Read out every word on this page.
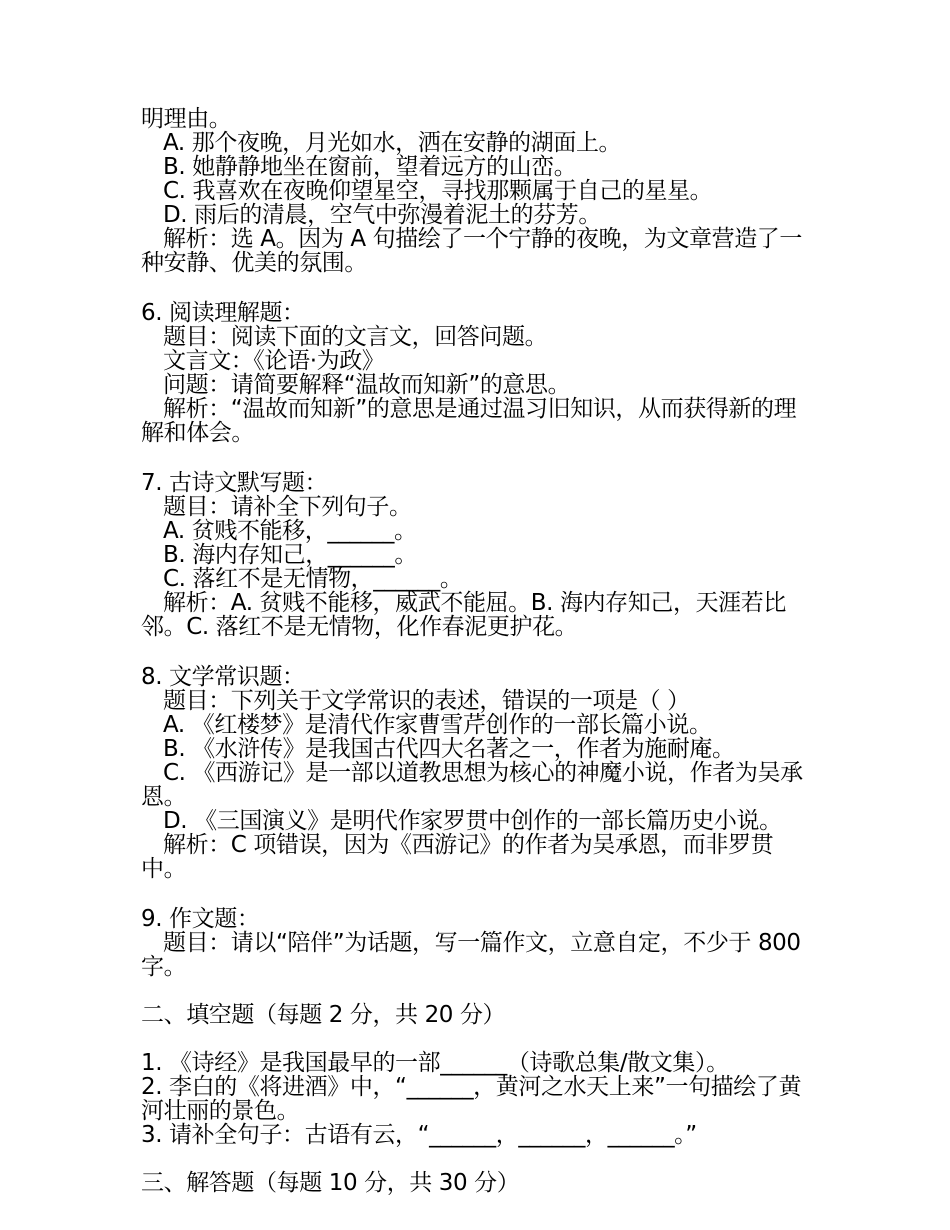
明理由。
A. 那个夜晚，月光如水，洒在安静的湖面上。
B. 她静静地坐在窗前，望着远方的山峦。
C. 我喜欢在夜晚仰望星空，寻找那颗属于自己的星星。
D. 雨后的清晨，空气中弥漫着泥土的芬芳。
解析：选 A。因为 A 句描绘了一个宁静的夜晚，为文章营造了一种安静、优美的氛围。
6. 阅读理解题：
题目：阅读下面的文言文，回答问题。
文言文：《论语·为政》
问题：请简要解释“温故而知新”的意思。
解析：“温故而知新”的意思是通过温习旧知识，从而获得新的理解和体会。
7. 古诗文默写题：
题目：请补全下列句子。
A. 贫贱不能移，______。
B. 海内存知己，______。
C. 落红不是无情物，______。
解析：A. 贫贱不能移，威武不能屈。B. 海内存知己，天涯若比邻。C. 落红不是无情物，化作春泥更护花。
8. 文学常识题：
题目：下列关于文学常识的表述，错误的一项是（ ）
A. 《红楼梦》是清代作家曹雪芹创作的一部长篇小说。
B. 《水浒传》是我国古代四大名著之一，作者为施耐庵。
C. 《西游记》是一部以道教思想为核心的神魔小说，作者为吴承恩。
D. 《三国演义》是明代作家罗贯中创作的一部长篇历史小说。
解析：C 项错误，因为《西游记》的作者为吴承恩，而非罗贯中。
9. 作文题：
题目：请以“陪伴”为话题，写一篇作文，立意自定，不少于 800 字。
二、填空题（每题 2 分，共 20 分）
1. 《诗经》是我国最早的一部______（诗歌总集/散文集）。
2. 李白的《将进酒》中，“______，黄河之水天上来”一句描绘了黄河壮丽的景色。
3. 请补全句子：古语有云，“______，______，______。”
三、解答题（每题 10 分，共 30 分）
